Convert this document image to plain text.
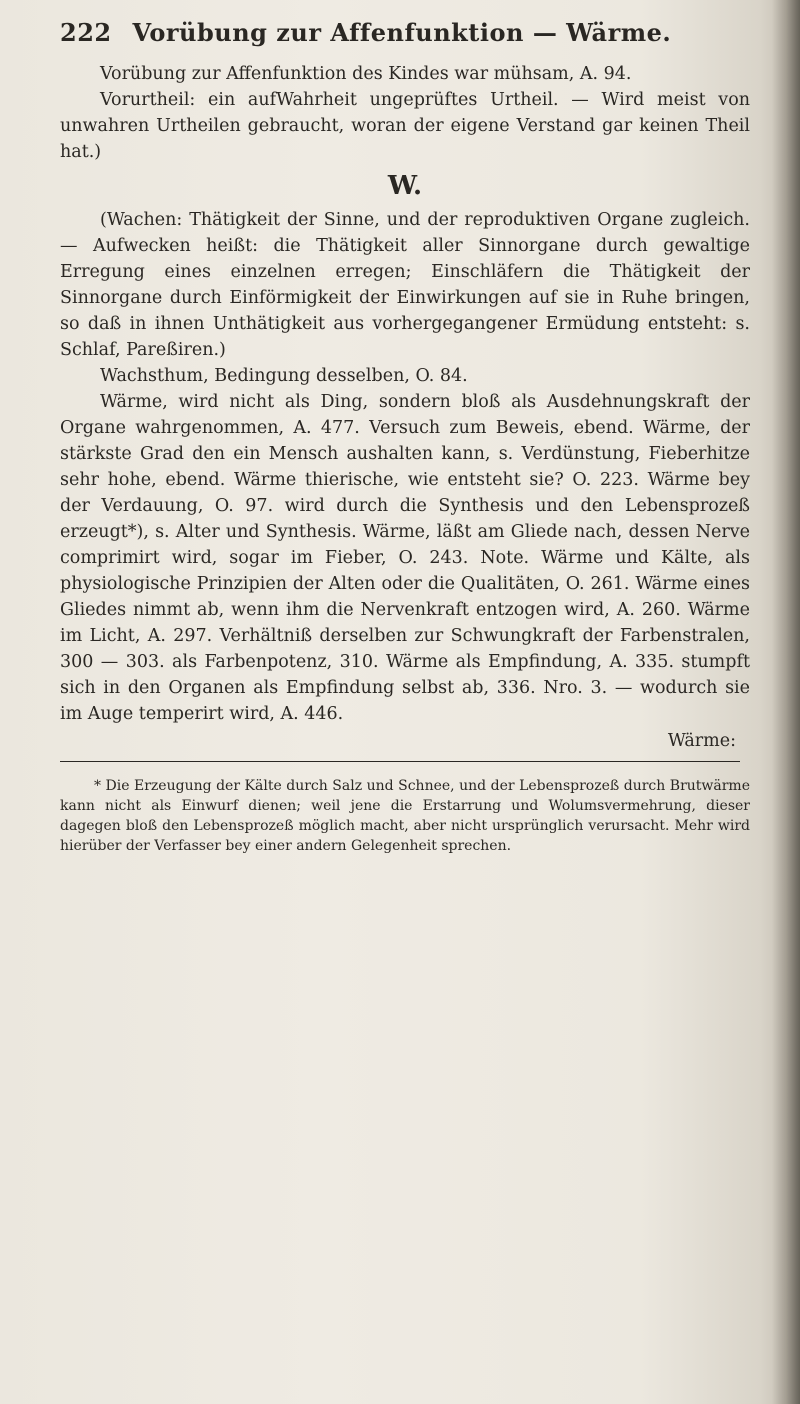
222 Vorübung zur Affenfunktion — Wärme.

Vorübung zur Affenfunktion des Kindes war mühsam, A. 94.

Vorurtheil: ein aufWahrheit ungeprüftes Urtheil. — Wird meist von unwahren Urtheilen gebraucht, woran der eigene Verstand gar keinen Theil hat.)

W.

(Wachen: Thätigkeit der Sinne, und der reproduktiven Organe zugleich. — Aufwecken heißt: die Thätigkeit aller Sinnorgane durch gewaltige Erregung eines einzelnen erregen; Einschläfern die Thätigkeit der Sinnorgane durch Einförmigkeit der Einwirkungen auf sie in Ruhe bringen, so daß in ihnen Unthätigkeit aus vorhergegangener Ermüdung entsteht: s. Schlaf, Pareßiren.)

Wachsthum, Bedingung desselben, O. 84.

Wärme, wird nicht als Ding, sondern bloß als Ausdehnungskraft der Organe wahrgenommen, A. 477. Versuch zum Beweis, ebend. Wärme, der stärkste Grad den ein Mensch aushalten kann, s. Verdünstung, Fieberhitze sehr hohe, ebend. Wärme thierische, wie entsteht sie? O. 223. Wärme bey der Verdauung, O. 97. wird durch die Synthesis und den Lebensprozeß erzeugt*), s. Alter und Synthesis. Wärme, läßt am Gliede nach, dessen Nerve comprimirt wird, sogar im Fieber, O. 243. Note. Wärme und Kälte, als physiologische Prinzipien der Alten oder die Qualitäten, O. 261. Wärme eines Gliedes nimmt ab, wenn ihm die Nervenkraft entzogen wird, A. 260. Wärme im Licht, A. 297. Verhältniß derselben zur Schwungkraft der Farbenstralen, 300 — 303. als Farbenpotenz, 310. Wärme als Empfindung, A. 335. stumpft sich in den Organen als Empfindung selbst ab, 336. Nro. 3. — wodurch sie im Auge temperirt wird, A. 446.

Wärme:

* Die Erzeugung der Kälte durch Salz und Schnee, und der Lebensprozeß durch Brutwärme kann nicht als Einwurf dienen; weil jene die Erstarrung und Wolumsvermehrung, dieser dagegen bloß den Lebensprozeß möglich macht, aber nicht ursprünglich verursacht. Mehr wird hierüber der Verfasser bey einer andern Gelegenheit sprechen.
